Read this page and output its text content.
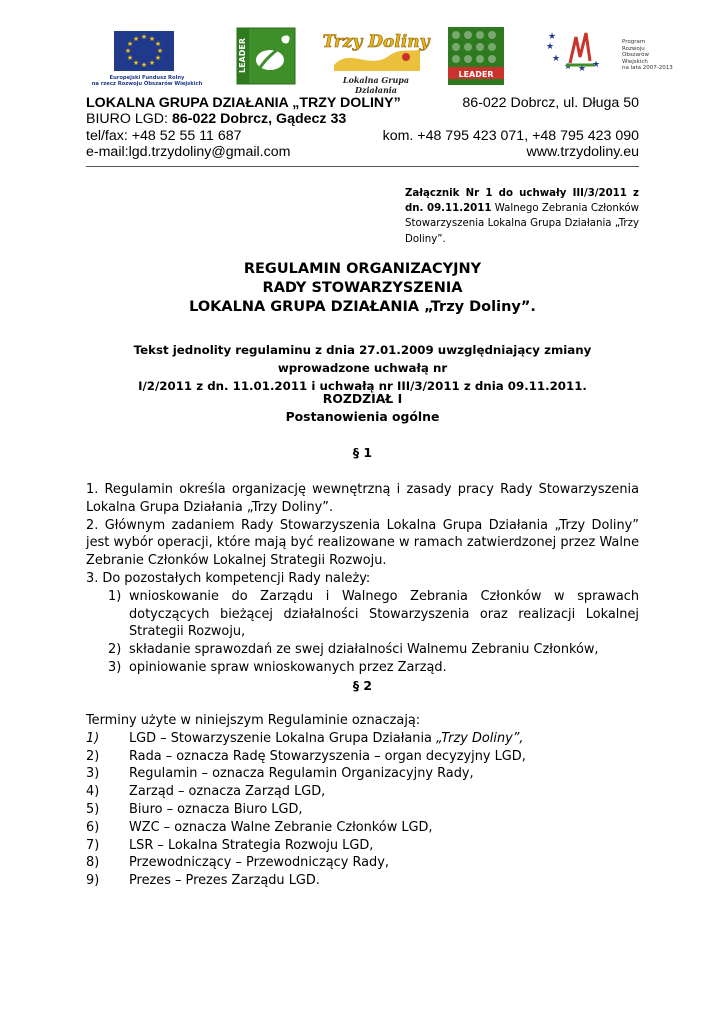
★ ★
★
★
★
★
★
★
★
★
★
★
Europejski Fundusz Rolny
na rzecz Rozwoju Obszarów Wiejskich
LEADER	Trzy Doliny
Lokalna Grupa Działania
LEADER
★
★
★ ★ ★
★	Program
Rozwoju
Obszarów
Wiejskich
na lata 2007-2013
LOKALNA GRUPA DZIAŁANIA „TRZY DOLINY”	86-022 Dobrcz, ul. Długa 50
BIURO LGD: 86-022 Dobrcz, Gądecz 33
tel/fax: +48 52 55 11 687	kom. +48 795 423 071, +48 795 423 090
e-mail:lgd.trzydoliny@gmail.com	www.trzydoliny.eu
Załącznik Nr 1 do uchwały III/3/2011 z dn. 09.11.2011 Walnego Zebrania Członków Stowarzyszenia Lokalna Grupa Działania „Trzy Doliny”.
REGULAMIN ORGANIZACYJNY
RADY STOWARZYSZENIA
LOKALNA GRUPA DZIAŁANIA „Trzy Doliny”.
Tekst jednolity regulaminu z dnia 27.01.2009 uwzględniający zmiany wprowadzone uchwałą nr
I/2/2011 z dn. 11.01.2011 i uchwałą nr III/3/2011 z dnia 09.11.2011.
ROZDZIAŁ I
Postanowienia ogólne
§ 1

1. Regulamin określa organizację wewnętrzną i zasady pracy Rady Stowarzyszenia Lokalna Grupa Działania „Trzy Doliny”.

2. Głównym zadaniem Rady Stowarzyszenia Lokalna Grupa Działania „Trzy Doliny” jest wybór operacji, które mają być realizowane w ramach zatwierdzonej przez Walne Zebranie Członków Lokalnej Strategii Rozwoju.

3. Do pozostałych kompetencji Rady należy:

1) wnioskowanie do Zarządu i Walnego Zebrania Członków w sprawach dotyczących bieżącej działalności Stowarzyszenia oraz realizacji Lokalnej Strategii Rozwoju,
2) składanie sprawozdań ze swej działalności Walnemu Zebraniu Członków,
3) opiniowanie spraw wnioskowanych przez Zarząd.
§ 2

Terminy użyte w niniejszym Regulaminie oznaczają:

1) LGD – Stowarzyszenie Lokalna Grupa Działania „Trzy Doliny”,
2) Rada – oznacza Radę Stowarzyszenia – organ decyzyjny LGD,
3) Regulamin – oznacza Regulamin Organizacyjny Rady,
4) Zarząd – oznacza Zarząd LGD,
5) Biuro – oznacza Biuro LGD,
6) WZC – oznacza Walne Zebranie Członków LGD,
7) LSR – Lokalna Strategia Rozwoju LGD,
8) Przewodniczący – Przewodniczący Rady,
9) Prezes – Prezes Zarządu LGD.
